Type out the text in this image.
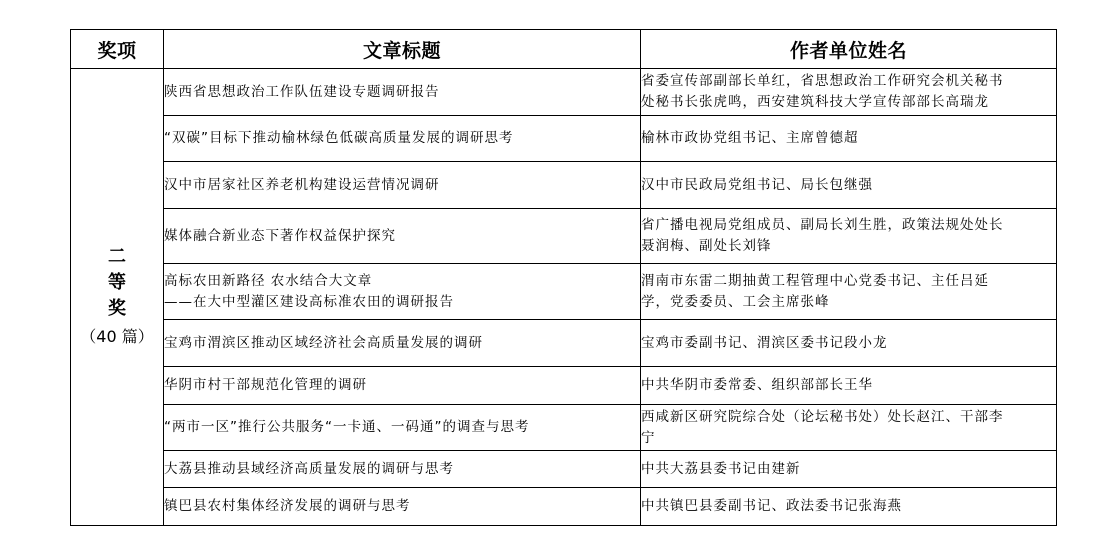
奖项	文章标题	作者单位姓名

二
等
奖
（40 篇）	陕西省思想政治工作队伍建设专题调研报告	省委宣传部副部长单红，省思想政治工作研究会机关秘书
处秘书长张虎鸣，西安建筑科技大学宣传部部长高瑞龙

	“双碳”目标下推动榆林绿色低碳高质量发展的调研思考	榆林市政协党组书记、主席曾德超

	汉中市居家社区养老机构建设运营情况调研	汉中市民政局党组书记、局长包继强

	媒体融合新业态下著作权益保护探究	省广播电视局党组成员、副局长刘生胜，政策法规处处长
聂润梅、副处长刘锋

	高标农田新路径 农水结合大文章
——在大中型灌区建设高标准农田的调研报告	渭南市东雷二期抽黄工程管理中心党委书记、主任吕延
学，党委委员、工会主席张峰

	宝鸡市渭滨区推动区域经济社会高质量发展的调研	宝鸡市委副书记、渭滨区委书记段小龙

	华阴市村干部规范化管理的调研	中共华阴市委常委、组织部部长王华

	“两市一区”推行公共服务“一卡通、一码通”的调查与思考	西咸新区研究院综合处（论坛秘书处）处长赵江、干部李
宁

	大荔县推动县域经济高质量发展的调研与思考	中共大荔县委书记由建新

	镇巴县农村集体经济发展的调研与思考	中共镇巴县委副书记、政法委书记张海燕
